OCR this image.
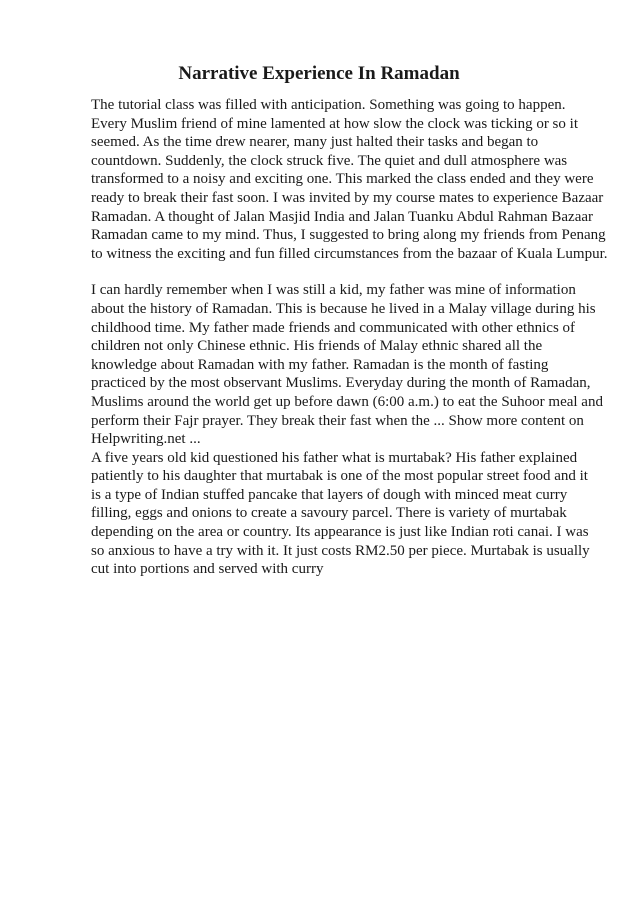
Narrative Experience In Ramadan

The tutorial class was filled with anticipation. Something was going to happen.
Every Muslim friend of mine lamented at how slow the clock was ticking or so it
seemed. As the time drew nearer, many just halted their tasks and began to
countdown. Suddenly, the clock struck five. The quiet and dull atmosphere was
transformed to a noisy and exciting one. This marked the class ended and they were
ready to break their fast soon. I was invited by my course mates to experience Bazaar
Ramadan. A thought of Jalan Masjid India and Jalan Tuanku Abdul Rahman Bazaar
Ramadan came to my mind. Thus, I suggested to bring along my friends from Penang
to witness the exciting and fun filled circumstances from the bazaar of Kuala Lumpur.

I can hardly remember when I was still a kid, my father was mine of information
about the history of Ramadan. This is because he lived in a Malay village during his
childhood time. My father made friends and communicated with other ethnics of
children not only Chinese ethnic. His friends of Malay ethnic shared all the
knowledge about Ramadan with my father. Ramadan is the month of fasting
practiced by the most observant Muslims. Everyday during the month of Ramadan,
Muslims around the world get up before dawn (6:00 a.m.) to eat the Suhoor meal and
perform their Fajr prayer. They break their fast when the ... Show more content on
Helpwriting.net ...

A five years old kid questioned his father what is murtabak? His father explained
patiently to his daughter that murtabak is one of the most popular street food and it
is a type of Indian stuffed pancake that layers of dough with minced meat curry
filling, eggs and onions to create a savoury parcel. There is variety of murtabak
depending on the area or country. Its appearance is just like Indian roti canai. I was
so anxious to have a try with it. It just costs RM2.50 per piece. Murtabak is usually
cut into portions and served with curry
